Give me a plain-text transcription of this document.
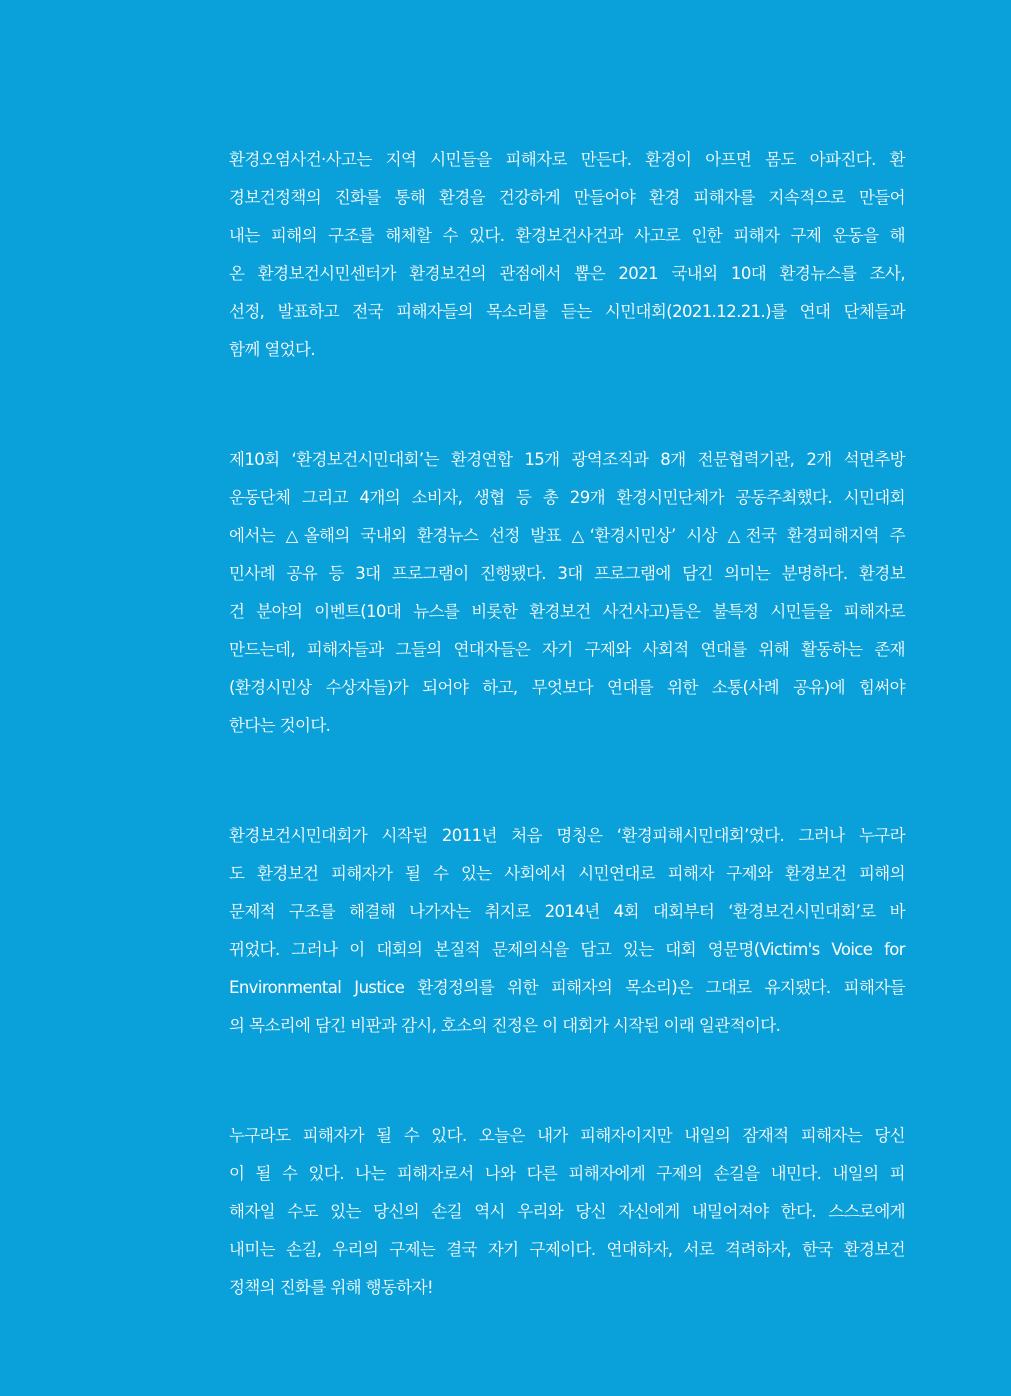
환경오염사건·사고는 지역 시민들을 피해자로 만든다. 환경이 아프면 몸도 아파진다. 환
경보건정책의 진화를 통해 환경을 건강하게 만들어야 환경 피해자를 지속적으로 만들어
내는 피해의 구조를 해체할 수 있다. 환경보건사건과 사고로 인한 피해자 구제 운동을 해
온 환경보건시민센터가 환경보건의 관점에서 뽑은 2021 국내외 10대 환경뉴스를 조사,
선정, 발표하고 전국 피해자들의 목소리를 듣는 시민대회(2021.12.21.)를 연대 단체들과
함께 열었다.
제10회 ‘환경보건시민대회’는 환경연합 15개 광역조직과 8개 전문협력기관, 2개 석면추방
운동단체 그리고 4개의 소비자, 생협 등 총 29개 환경시민단체가 공동주최했다. 시민대회
에서는 △올해의 국내외 환경뉴스 선정 발표 △‘환경시민상’ 시상 △전국 환경피해지역 주
민사례 공유 등 3대 프로그램이 진행됐다. 3대 프로그램에 담긴 의미는 분명하다. 환경보
건 분야의 이벤트(10대 뉴스를 비롯한 환경보건 사건사고)들은 불특정 시민들을 피해자로
만드는데, 피해자들과 그들의 연대자들은 자기 구제와 사회적 연대를 위해 활동하는 존재
(환경시민상 수상자들)가 되어야 하고, 무엇보다 연대를 위한 소통(사례 공유)에 힘써야
한다는 것이다.
환경보건시민대회가 시작된 2011년 처음 명칭은 ‘환경피해시민대회’였다. 그러나 누구라
도 환경보건 피해자가 될 수 있는 사회에서 시민연대로 피해자 구제와 환경보건 피해의
문제적 구조를 해결해 나가자는 취지로 2014년 4회 대회부터 ‘환경보건시민대회’로 바
뀌었다. 그러나 이 대회의 본질적 문제의식을 담고 있는 대회 영문명(Victim's Voice for
Environmental Justice 환경정의를 위한 피해자의 목소리)은 그대로 유지됐다. 피해자들
의 목소리에 담긴 비판과 감시, 호소의 진정은 이 대회가 시작된 이래 일관적이다.
누구라도 피해자가 될 수 있다. 오늘은 내가 피해자이지만 내일의 잠재적 피해자는 당신
이 될 수 있다. 나는 피해자로서 나와 다른 피해자에게 구제의 손길을 내민다. 내일의 피
해자일 수도 있는 당신의 손길 역시 우리와 당신 자신에게 내밀어져야 한다. 스스로에게
내미는 손길, 우리의 구제는 결국 자기 구제이다. 연대하자, 서로 격려하자, 한국 환경보건
정책의 진화를 위해 행동하자!
